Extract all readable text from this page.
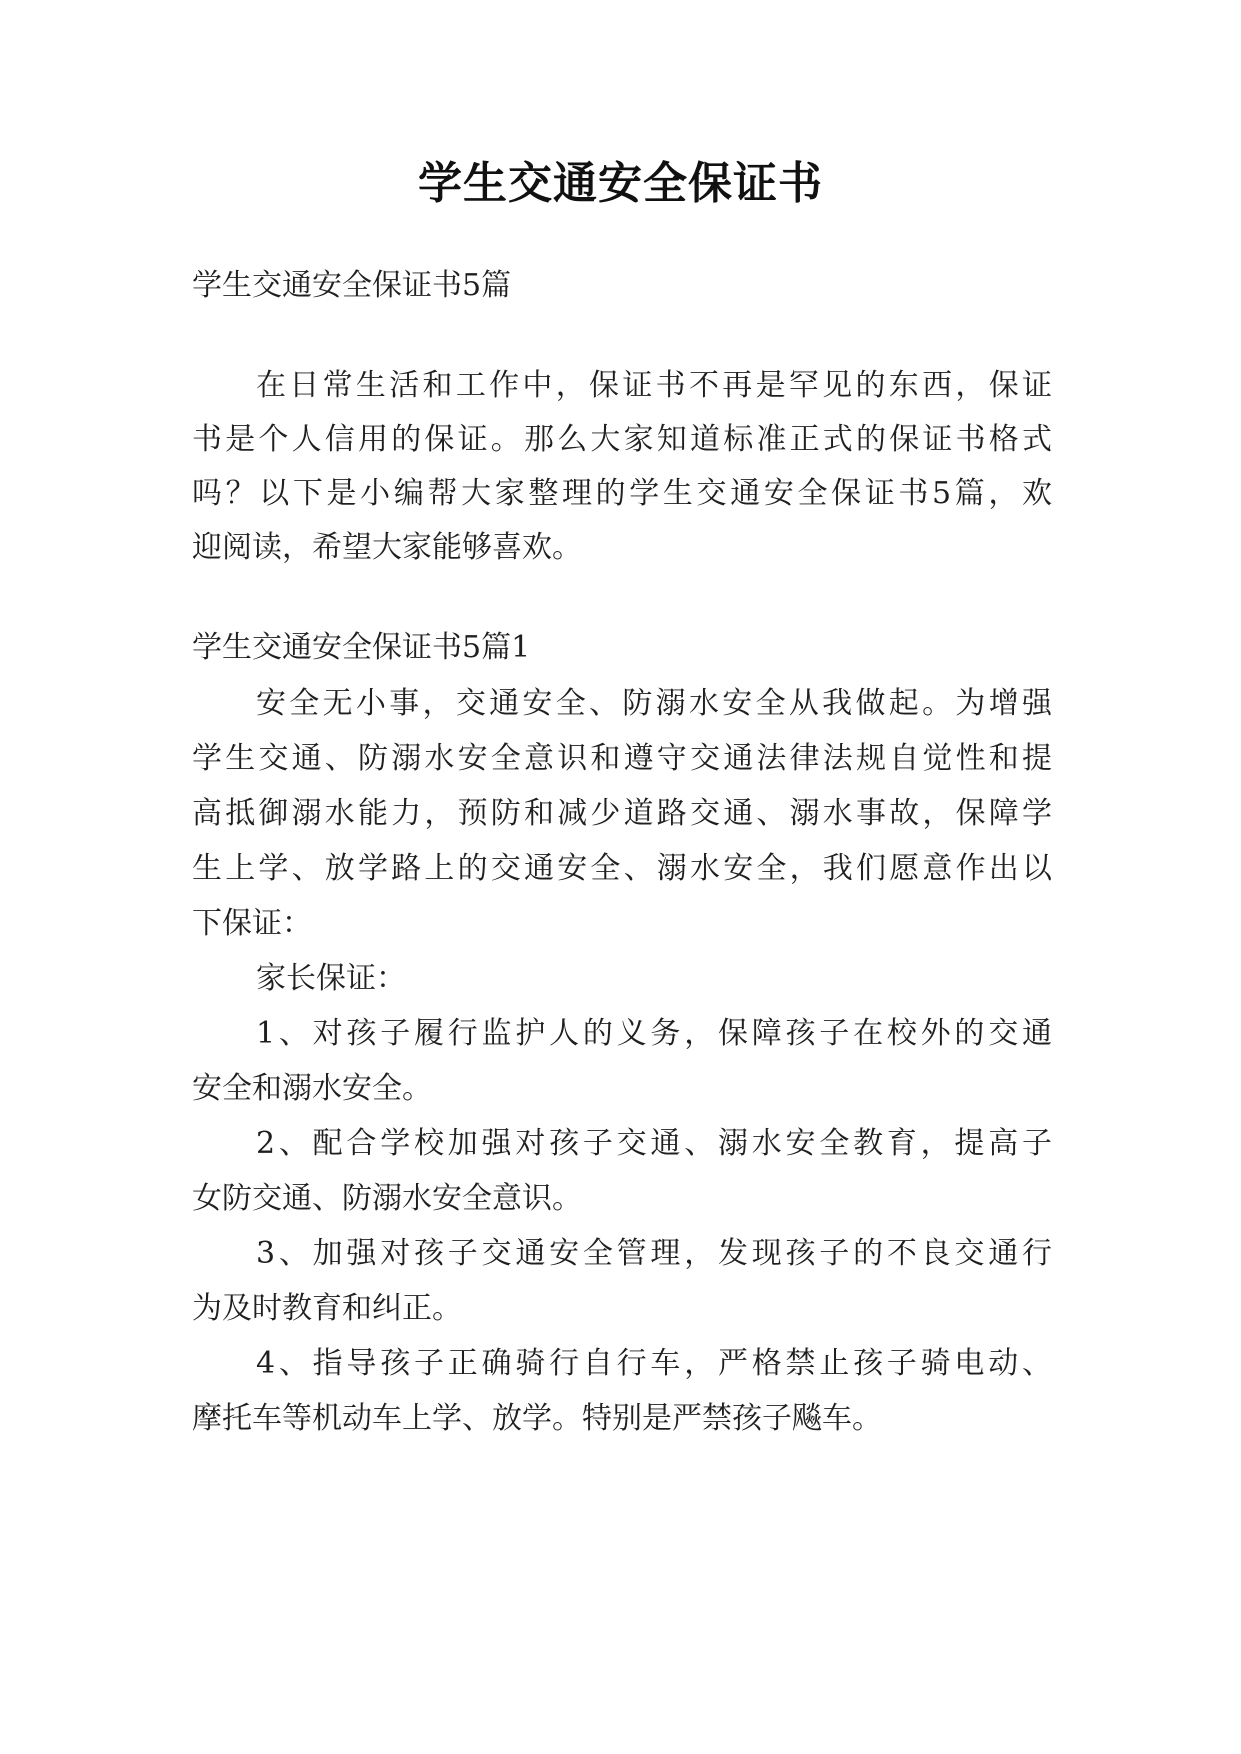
学生交通安全保证书
学生交通安全保证书5篇
在日常生活和工作中，保证书不再是罕见的东西，保证
书是个人信用的保证。那么大家知道标准正式的保证书格式
吗？以下是小编帮大家整理的学生交通安全保证书5篇，欢
迎阅读，希望大家能够喜欢。
学生交通安全保证书5篇1
安全无小事，交通安全、防溺水安全从我做起。为增强
学生交通、防溺水安全意识和遵守交通法律法规自觉性和提
高抵御溺水能力，预防和减少道路交通、溺水事故，保障学
生上学、放学路上的交通安全、溺水安全，我们愿意作出以
下保证：
家长保证：
1、对孩子履行监护人的义务，保障孩子在校外的交通
安全和溺水安全。
2、配合学校加强对孩子交通、溺水安全教育，提高子
女防交通、防溺水安全意识。
3、加强对孩子交通安全管理，发现孩子的不良交通行
为及时教育和纠正。
4、指导孩子正确骑行自行车，严格禁止孩子骑电动、
摩托车等机动车上学、放学。特别是严禁孩子飚车。
